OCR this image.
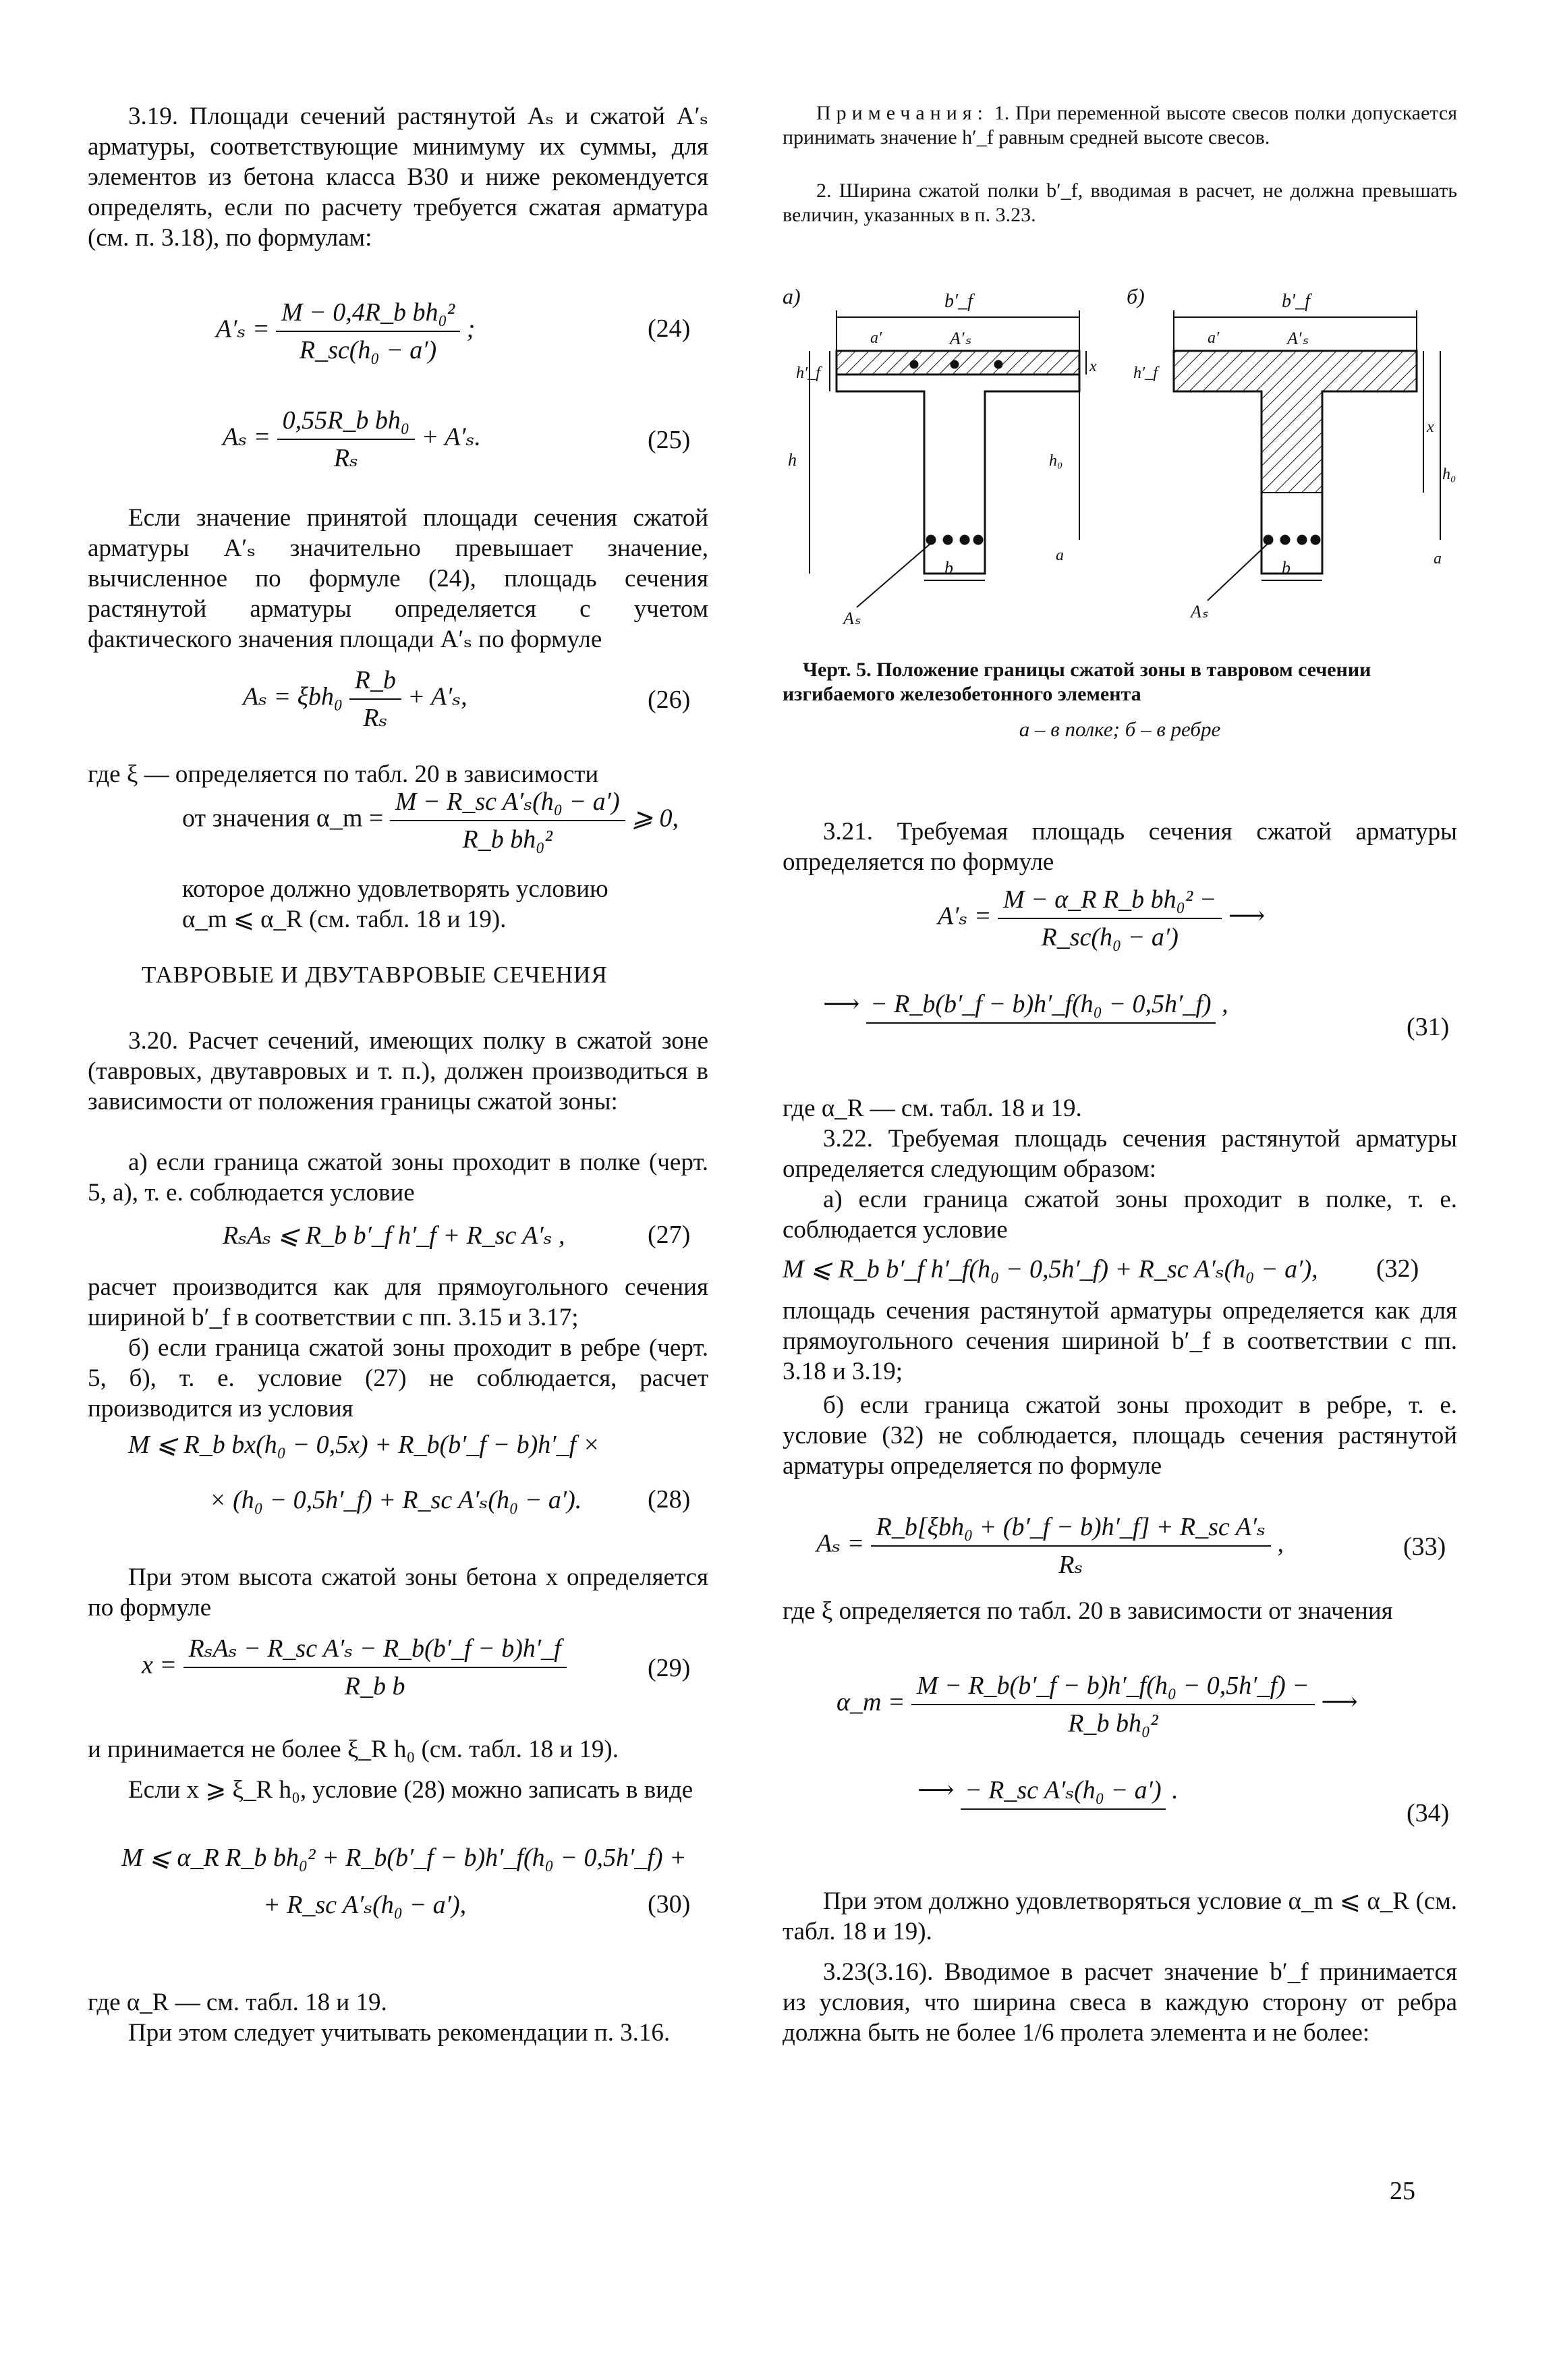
3.19. Площади сечений растянутой Aₛ и сжатой A′ₛ арматуры, соответствующие минимуму их суммы, для элементов из бетона класса В30 и ниже рекомендуется определять, если по расчету требуется сжатая арматура (см. п. 3.18), по формулам:
$A'_s = \frac{\text{M − 0,4R\_b bh₀²}}{\text{R\_sc(h₀ − a′)}}$ ;	(24)
$A_s = \frac{\text{0,55R\_b bh₀}}{\text{Rₛ}} + A'_s$.	(25)
Если значение принятой площади сечения сжатой арматуры A′ₛ значительно превышает значение, вычисленное по формуле (24), площадь сечения растянутой арматуры определяется с учетом фактического значения площади A′ₛ по формуле
$A_s = \xi bh_0 \frac{R\_b}{\text{Rₛ}} + A'_s$,	(26)
где ξ — определяется по табл. 20 в зависимости
от значения α_m = $\frac{\text{M − R\_sc A′ₛ(h₀ − a′)}}{\text{R\_b bh₀²}}$ ⩾ 0,
которое должно удовлетворять условию
α_m ⩽ α_R (см. табл. 18 и 19).
ТАВРОВЫЕ И ДВУТАВРОВЫЕ СЕЧЕНИЯ
3.20. Расчет сечений, имеющих полку в сжатой зоне (тавровых, двутавровых и т. п.), должен производиться в зависимости от положения границы сжатой зоны:
а) если граница сжатой зоны проходит в полке (черт. 5, а), т. е. соблюдается условие
RₛAₛ ⩽ R_b b′_f h′_f + R_sc A′ₛ ,	(27)
расчет производится как для прямоугольного сечения шириной b′_f в соответствии с пп. 3.15 и 3.17;
б) если граница сжатой зоны проходит в ребре (черт. 5, б), т. е. условие (27) не соблюдается, расчет производится из условия
M ⩽ R_b bx(h₀ − 0,5x) + R_b(b′_f − b)h′_f ×
× (h₀ − 0,5h′_f) + R_sc A′ₛ(h₀ − a′).	(28)
При этом высота сжатой зоны бетона x определяется по формуле
$x = \frac{\text{RₛAₛ − R\_sc A′ₛ − R\_b(b′\_f − b)h′\_f}}{\text{R\_b b}}$	(29)
и принимается не более ξ_R h₀ (см. табл. 18 и 19).
Если x ⩾ ξ_R h₀, условие (28) можно записать в виде
M ⩽ α_R R_b bh₀² + R_b(b′_f − b)h′_f(h₀ − 0,5h′_f) +
+ R_sc A′ₛ(h₀ − a′),	(30)
где α_R — см. табл. 18 и 19.
При этом следует учитывать рекомендации п. 3.16.
Примечания: 1. При переменной высоте свесов полки допускается принимать значение h′_f равным средней высоте свесов.
2. Ширина сжатой полки b′_f, вводимая в расчет, не должна превышать величин, указанных в п. 3.23.
а)	b′_f
A′ₛ
a′
h′_f
h
x
h₀
a
b
Aₛ
б)	b′_f
A′ₛ
a′
h′_f
x
h₀
a
b
Aₛ
Черт. 5. Положение границы сжатой зоны в тавровом сечении изгибаемого железобетонного элемента
а – в полке; б – в ребре
3.21. Требуемая площадь сечения сжатой арматуры определяется по формуле
$A'_s = \frac{\text{M − α\_R R\_b bh₀² −}}{\text{R\_sc(h₀ − a′)}}$ ⟶
⟶ − R_b(b′_f − b)h′_f(h₀ − 0,5h′_f) ,
(31)
где α_R — см. табл. 18 и 19.
3.22. Требуемая площадь сечения растянутой арматуры определяется следующим образом:
а) если граница сжатой зоны проходит в полке, т. е. соблюдается условие
M ⩽ R_b b′_f h′_f(h₀ − 0,5h′_f) + R_sc A′ₛ(h₀ − a′), (32)
площадь сечения растянутой арматуры определяется как для прямоугольного сечения шириной b′_f в соответствии с пп. 3.18 и 3.19;
б) если граница сжатой зоны проходит в ребре, т. е. условие (32) не соблюдается, площадь сечения растянутой арматуры определяется по формуле
$A_s = \frac{\text{R\_b[ξbh₀ + (b′\_f − b)h′\_f] + R\_sc A′ₛ}}{\text{Rₛ}}$ ,	(33)
где ξ определяется по табл. 20 в зависимости от значения
α_m = $\frac{\text{M − R\_b(b′\_f − b)h′\_f(h₀ − 0,5h′\_f) −}}{\text{R\_b bh₀²}}$ ⟶
⟶ − R_sc A′ₛ(h₀ − a′) .
(34)
При этом должно удовлетворяться условие α_m ⩽ α_R (см. табл. 18 и 19).
3.23(3.16). Вводимое в расчет значение b′_f принимается из условия, что ширина свеса в каждую сторону от ребра должна быть не более 1/6 пролета элемента и не более:
25
